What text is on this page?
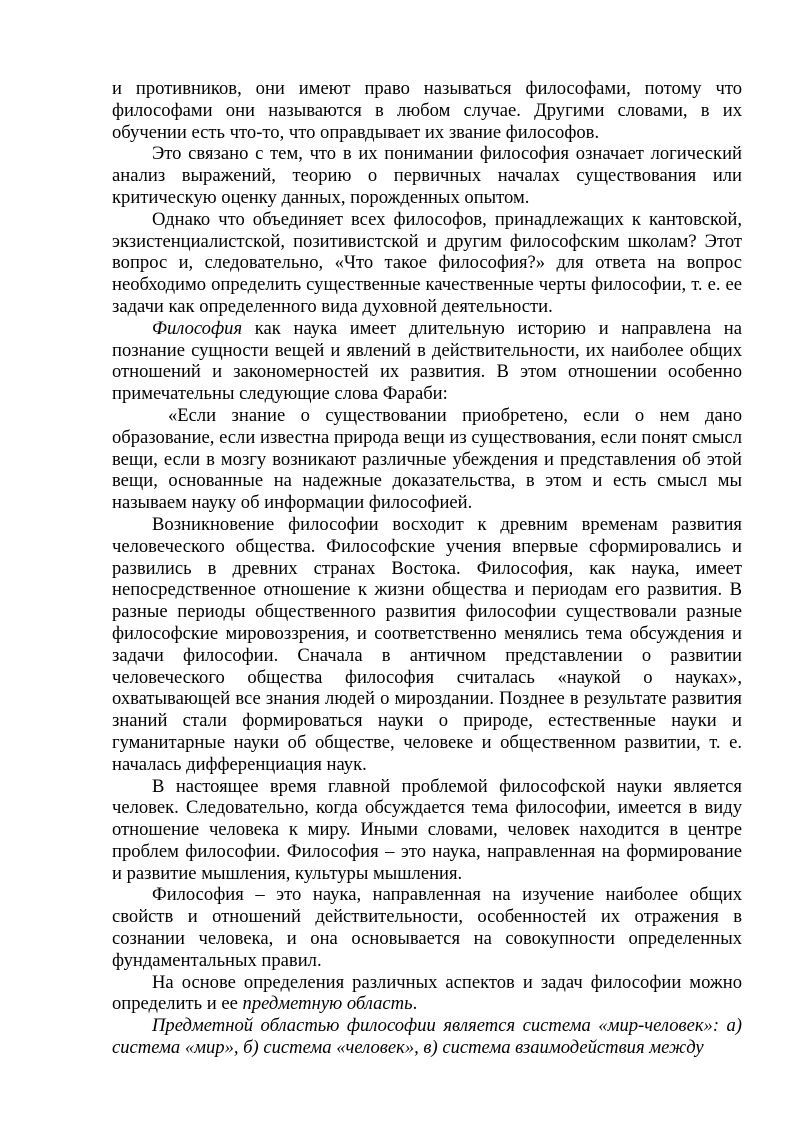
и противников, они имеют право называться философами, потому что философами они называются в любом случае. Другими словами, в их обучении есть что-то, что оправдывает их звание философов.

Это связано с тем, что в их понимании философия означает логический анализ выражений, теорию о первичных началах существования или критическую оценку данных, порожденных опытом.

Однако что объединяет всех философов, принадлежащих к кантовской, экзистенциалистской, позитивистской и другим философским школам? Этот вопрос и, следовательно, «Что такое философия?» для ответа на вопрос необходимо определить существенные качественные черты философии, т. е. ее задачи как определенного вида духовной деятельности.

Философия как наука имеет длительную историю и направлена на познание сущности вещей и явлений в действительности, их наиболее общих отношений и закономерностей их развития. В этом отношении особенно примечательны следующие слова Фараби:

«Если знание о существовании приобретено, если о нем дано образование, если известна природа вещи из существования, если понят смысл вещи, если в мозгу возникают различные убеждения и представления об этой вещи, основанные на надежные доказательства, в этом и есть смысл мы называем науку об информации философией.

Возникновение философии восходит к древним временам развития человеческого общества. Философские учения впервые сформировались и развились в древних странах Востока. Философия, как наука, имеет непосредственное отношение к жизни общества и периодам его развития. В разные периоды общественного развития философии существовали разные философские мировоззрения, и соответственно менялись тема обсуждения и задачи философии. Сначала в античном представлении о развитии человеческого общества философия считалась «наукой о науках», охватывающей все знания людей о мироздании. Позднее в результате развития знаний стали формироваться науки о природе, естественные науки и гуманитарные науки об обществе, человеке и общественном развитии, т. е. началась дифференциация наук.

В настоящее время главной проблемой философской науки является человек. Следовательно, когда обсуждается тема философии, имеется в виду отношение человека к миру. Иными словами, человек находится в центре проблем философии. Философия – это наука, направленная на формирование и развитие мышления, культуры мышления.

Философия – это наука, направленная на изучение наиболее общих свойств и отношений действительности, особенностей их отражения в сознании человека, и она основывается на совокупности определенных фундаментальных правил.

На основе определения различных аспектов и задач философии можно определить и ее предметную область.

Предметной областью философии является система «мир-человек»: а) система «мир», б) система «человек», в) система взаимодействия между
